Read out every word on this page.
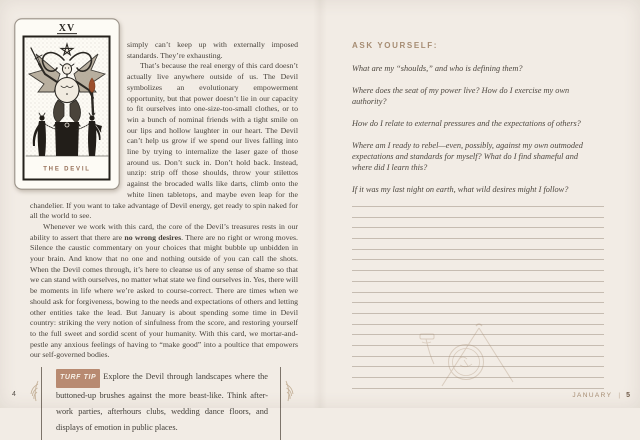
XV
THE DEVIL

simply can’t keep up with externally imposed standards. They’re exhausting.

That’s because the real energy of this card doesn’t actually live anywhere outside of us. The Devil symbolizes an evolutionary empowerment opportunity, but that power doesn’t lie in our capacity to fit ourselves into one-size-too-small clothes, or to win a bunch of nominal friends with a tight smile on our lips and hollow laughter in our heart. The Devil can’t help us grow if we spend our lives falling into line by trying to internalize the laser gaze of those around us. Don’t suck in. Don’t hold back. Instead, unzip: strip off those shoulds, throw your stilettos against the brocaded walls like darts, climb onto the white linen tabletops, and maybe even leap for the chandelier. If you want to take advantage of Devil energy, get ready to spin naked for all the world to see.

Whenever we work with this card, the core of the Devil’s treasures rests in our ability to assert that there are no wrong desires. There are no right or wrong moves. Silence the caustic commentary on your choices that might bubble up unbidden in your brain. And know that no one and nothing outside of you can call the shots. When the Devil comes through, it’s here to cleanse us of any sense of shame so that we can stand with ourselves, no matter what state we find ourselves in. Yes, there will be moments in life where we’re asked to course-correct. There are times when we should ask for forgiveness, bowing to the needs and expectations of others and letting other entities take the lead. But January is about spending some time in Devil country: striking the very notion of sinfulness from the score, and restoring yourself to the full sweet and sordid scent of your humanity. With this card, we mortar-and-pestle any anxious feelings of having to “make good” into a poultice that empowers our self-governed bodies.

TURF TIP Explore the Devil through landscapes where the buttoned-up brushes against the more beast-like. Think after-work parties, afterhours clubs, wedding dance floors, and displays of emotion in public places.

4

ASK YOURSELF:

What are my “shoulds,” and who is defining them?

Where does the seat of my power live? How do I exercise my own authority?

How do I relate to external pressures and the expectations of others?

Where am I ready to rebel—even, possibly, against my own outmoded expectations and standards for myself? What do I find shameful and where did I learn this?

If it was my last night on earth, what wild desires might I follow?

JANUARY | 5
